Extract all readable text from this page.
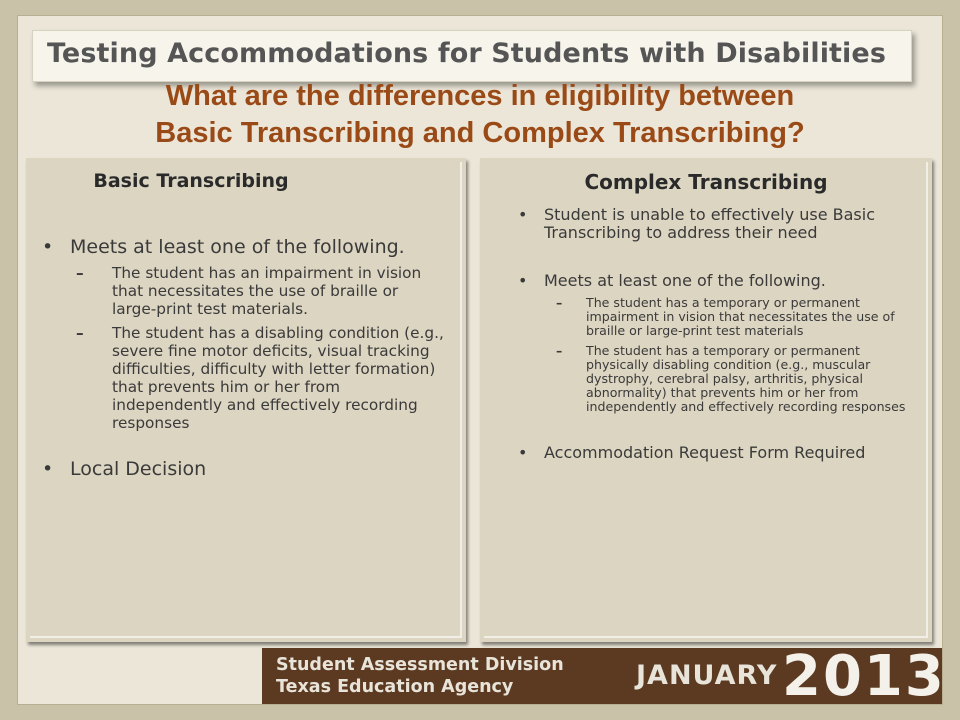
Testing Accommodations for Students with Disabilities
What are the differences in eligibility between
Basic Transcribing and Complex Transcribing?
Basic Transcribing
• Meets at least one of the following.
– The student has an impairment in vision that necessitates the use of braille or large-print test materials.
– The student has a disabling condition (e.g., severe fine motor deficits, visual tracking difficulties, difficulty with letter formation) that prevents him or her from independently and effectively recording responses
• Local Decision
Complex Transcribing
• Student is unable to effectively use Basic Transcribing to address their need
• Meets at least one of the following.
– The student has a temporary or permanent impairment in vision that necessitates the use of braille or large-print test materials
– The student has a temporary or permanent physically disabling condition (e.g., muscular dystrophy, cerebral palsy, arthritis, physical abnormality) that prevents him or her from independently and effectively recording responses
• Accommodation Request Form Required
Student Assessment Division
Texas Education Agency	JANUARY 2013
